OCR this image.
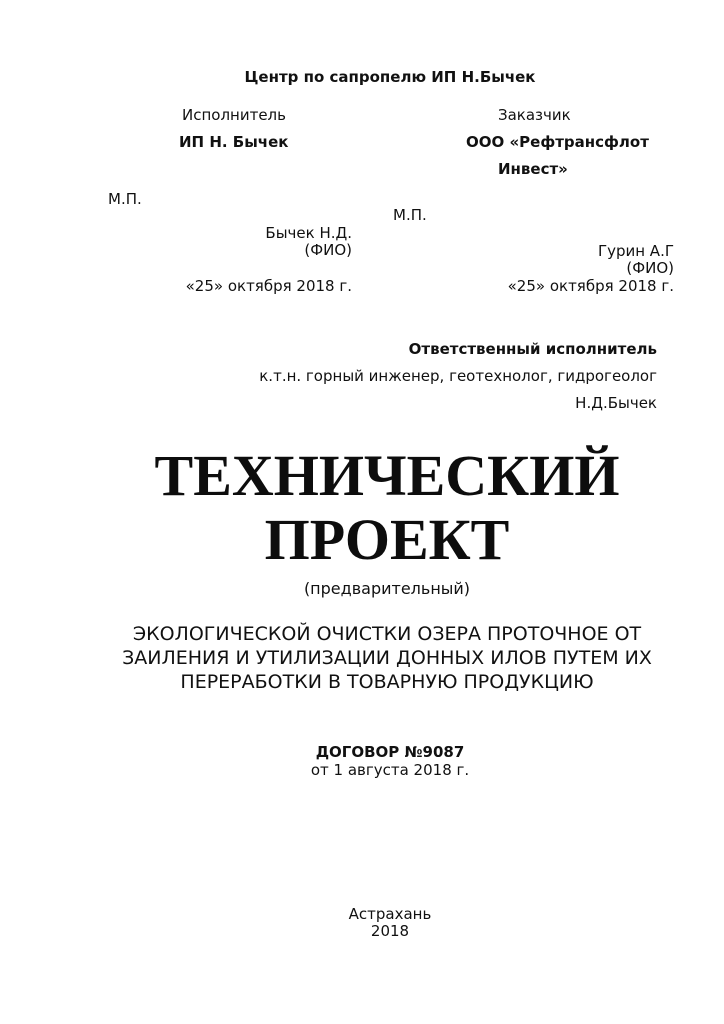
Центр по сапропелю ИП Н.Бычек
Исполнитель	Заказчик
ИП Н. Бычек	ООО «Рефтрансфлот
Инвест»
М.П.
М.П.
Бычек Н.Д.
(ФИО)	Гурин А.Г
(ФИО)
«25» октября 2018 г.	«25» октября 2018 г.
Ответственный исполнитель
к.т.н. горный инженер, геотехнолог, гидрогеолог
Н.Д.Бычек
ТЕХНИЧЕСКИЙ
ПРОЕКТ
(предварительный)
ЭКОЛОГИЧЕСКОЙ ОЧИСТКИ ОЗЕРА ПРОТОЧНОЕ ОТ
ЗАИЛЕНИЯ И УТИЛИЗАЦИИ ДОННЫХ ИЛОВ ПУТЕМ ИХ
ПЕРЕРАБОТКИ В ТОВАРНУЮ ПРОДУКЦИЮ
ДОГОВОР №9087
от 1 августа 2018 г.
Астрахань
2018
